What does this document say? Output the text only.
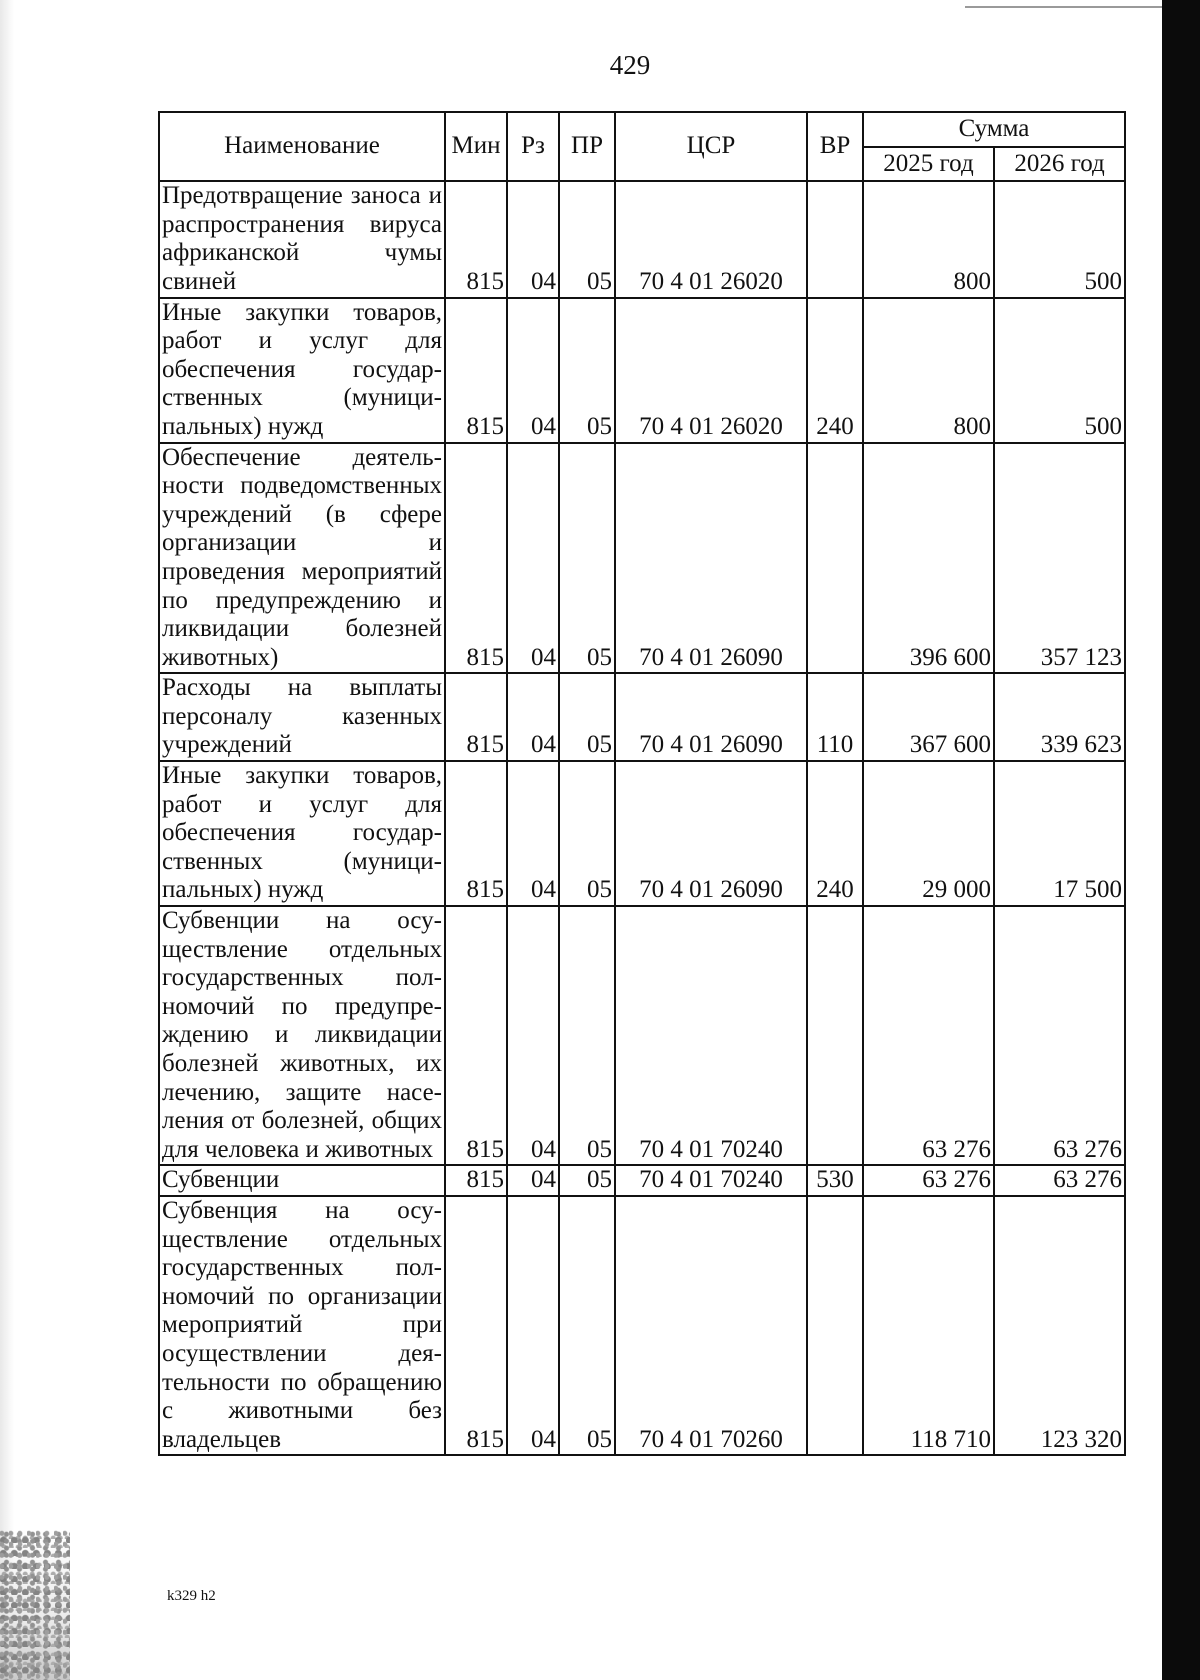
429
Наименование	Мин	Рз	ПР	ЦСР	ВР	Сумма	
						2025 год	2026 год
Предотвращение заноса и распространения вируса африканской чумы свиней	815	04	05	70 4 01 26020		800	500
Иные закупки товаров, работ и услуг для обеспечения государственных (муниципальных) нужд	815	04	05	70 4 01 26020	240	800	500
Обеспечение деятельности подведомственных учреждений (в сфере организации и проведения мероприятий по предупреждению и ликвидации болезней животных)	815	04	05	70 4 01 26090		396 600	357 123
Расходы на выплаты персоналу казенных учреждений	815	04	05	70 4 01 26090	110	367 600	339 623
Иные закупки товаров, работ и услуг для обеспечения государственных (муниципальных) нужд	815	04	05	70 4 01 26090	240	29 000	17 500
Субвенции на осуществление отдельных государственных полномочий по предупреждению и ликвидации болезней животных, их лечению, защите населения от болезней, общих для человека и животных	815	04	05	70 4 01 70240		63 276	63 276
Субвенции	815	04	05	70 4 01 70240	530	63 276	63 276
Субвенция на осуществление отдельных государственных полномочий по организации мероприятий при осуществлении деятельности по обращению с животными без владельцев	815	04	05	70 4 01 70260		118 710	123 320
k329 h2
